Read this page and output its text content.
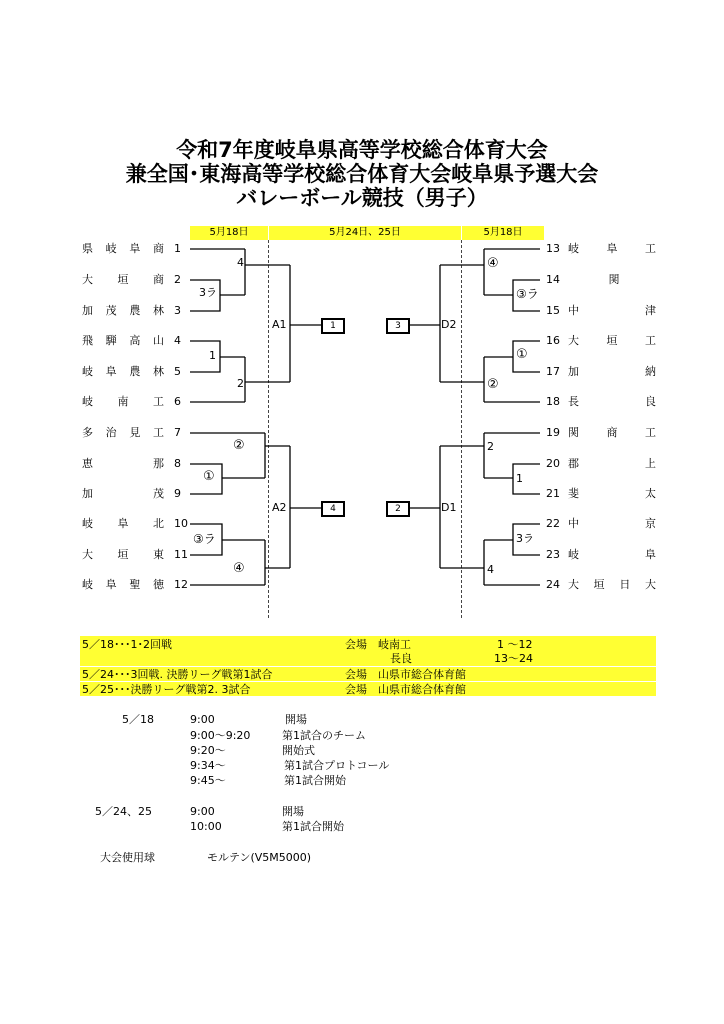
令和7年度岐阜県高等学校総合体育大会
兼全国･東海高等学校総合体育大会岐阜県予選大会
バレーボール競技（男子）
5月18日	5月24日、25日	5月18日
県 岐 阜 商 1
大 垣 商 2
加 茂 農 林 3
飛 騨 高 山 4
岐 阜 農 林 5
岐 南 工 6
多 治 見 工 7
恵	那 8
加	茂 9
岐 阜 北 10
大 垣 東 11
岐 阜 聖 徳 12
13 岐	阜	工
14	関
15 中	津
16 大	垣	工
17 加	納
18 長	良
19 関	商	工
20 郡	上
21 斐	太
22 中	京
23 岐	阜
24 大 垣 日 大
4
3ラ
1
2
②
①
③ラ
④
④
③ラ
①
②
2
1
3ラ
4
A1
A2
D2
D1
1	3
4	2
5／18･･･1･2回戦	会場　岐南工	1 ～12
長良	13～24
5／24･･･3回戦. 決勝リーグ戦第1試合	会場　山県市総合体育館
5／25･･･決勝リーグ戦第2. 3試合	会場　山県市総合体育館
5／18	9:00	開場
9:00～9:20	第1試合のチーム
9:20～	開始式
9:34～	第1試合プロトコール
9:45～	第1試合開始
5／24、25	9:00	開場
10:00	第1試合開始
大会使用球	モルテン(V5M5000)
